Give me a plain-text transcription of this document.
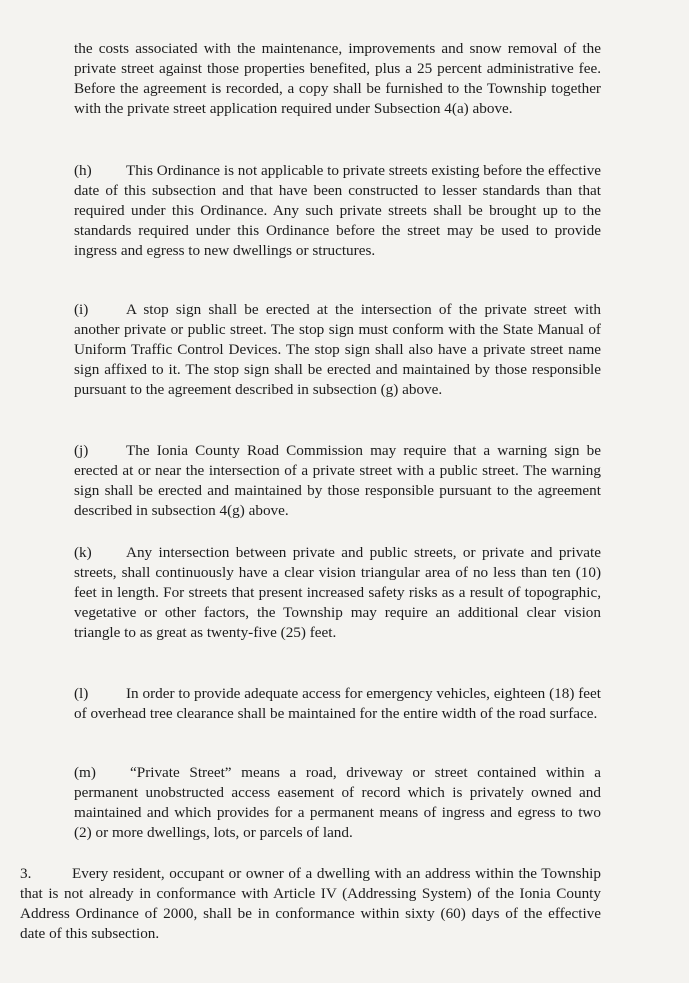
the costs associated with the maintenance, improvements and snow removal of the private street against those properties benefited, plus a 25 percent administrative fee. Before the agreement is recorded, a copy shall be furnished to the Township together with the private street application required under Subsection 4(a) above.

(h) This Ordinance is not applicable to private streets existing before the effective date of this subsection and that have been constructed to lesser standards than that required under this Ordinance. Any such private streets shall be brought up to the standards required under this Ordinance before the street may be used to provide ingress and egress to new dwellings or structures.

(i) A stop sign shall be erected at the intersection of the private street with another private or public street. The stop sign must conform with the State Manual of Uniform Traffic Control Devices. The stop sign shall also have a private street name sign affixed to it. The stop sign shall be erected and maintained by those responsible pursuant to the agreement described in subsection (g) above.

(j) The Ionia County Road Commission may require that a warning sign be erected at or near the intersection of a private street with a public street. The warning sign shall be erected and maintained by those responsible pursuant to the agreement described in subsection 4(g) above.

(k) Any intersection between private and public streets, or private and private streets, shall continuously have a clear vision triangular area of no less than ten (10) feet in length. For streets that present increased safety risks as a result of topographic, vegetative or other factors, the Township may require an additional clear vision triangle to as great as twenty-five (25) feet.

(l) In order to provide adequate access for emergency vehicles, eighteen (18) feet of overhead tree clearance shall be maintained for the entire width of the road surface.

(m) “Private Street” means a road, driveway or street contained within a permanent unobstructed access easement of record which is privately owned and maintained and which provides for a permanent means of ingress and egress to two (2) or more dwellings, lots, or parcels of land.

3.	Every resident, occupant or owner of a dwelling with an address within the Township that is not already in conformance with Article IV (Addressing System) of the Ionia County Address Ordinance of 2000, shall be in conformance within sixty (60) days of the effective date of this subsection.
